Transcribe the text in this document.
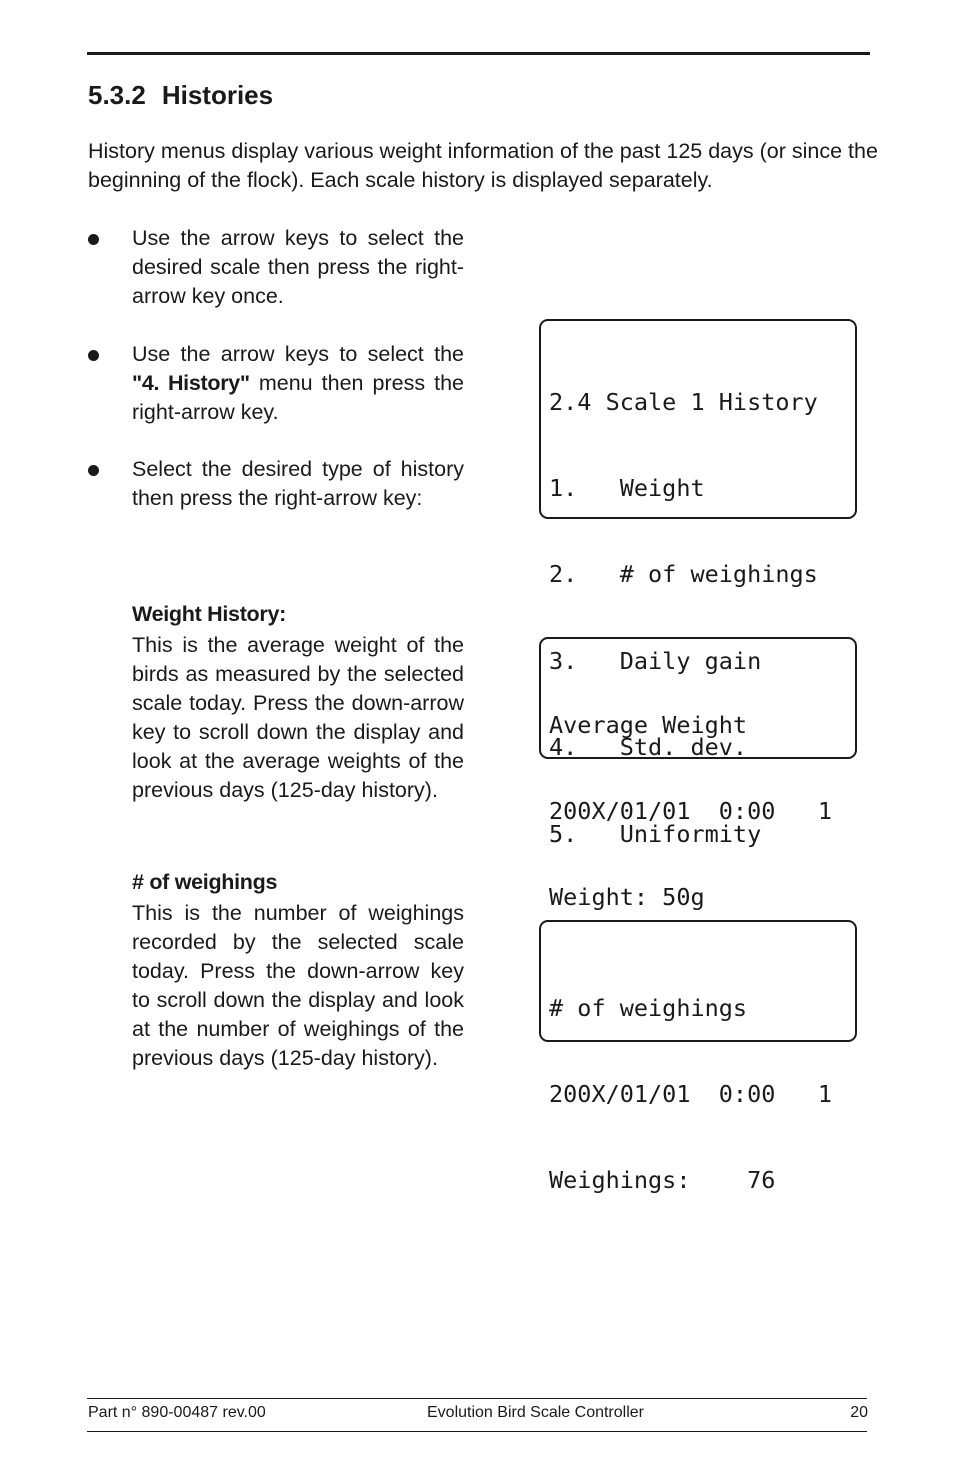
5.3.2 Histories

History menus display various weight information of the past 125 days (or since the beginning of the flock). Each scale history is displayed separately.

Use the arrow keys to select the desired scale then press the right-arrow key once.
Use the arrow keys to select the "4. History" menu then press the right-arrow key.
Select the desired type of history then press the right-arrow key:
Weight History:
This is the average weight of the birds as measured by the selected scale today. Press the down-arrow key to scroll down the display and look at the average weights of the previous days (125-day history).
# of weighings
This is the number of weighings recorded by the selected scale today. Press the down-arrow key to scroll down the display and look at the number of weighings of the previous days (125-day history).

2.4 Scale 1 History

1.   Weight

2.   # of weighings

3.   Daily gain

4.   Std. dev.

5.   Uniformity

Average Weight

200X/01/01  0:00   1

Weight: 50g

# of weighings

200X/01/01  0:00   1

Weighings:    76

Part n° 890-00487 rev.00	Evolution Bird Scale Controller	20
